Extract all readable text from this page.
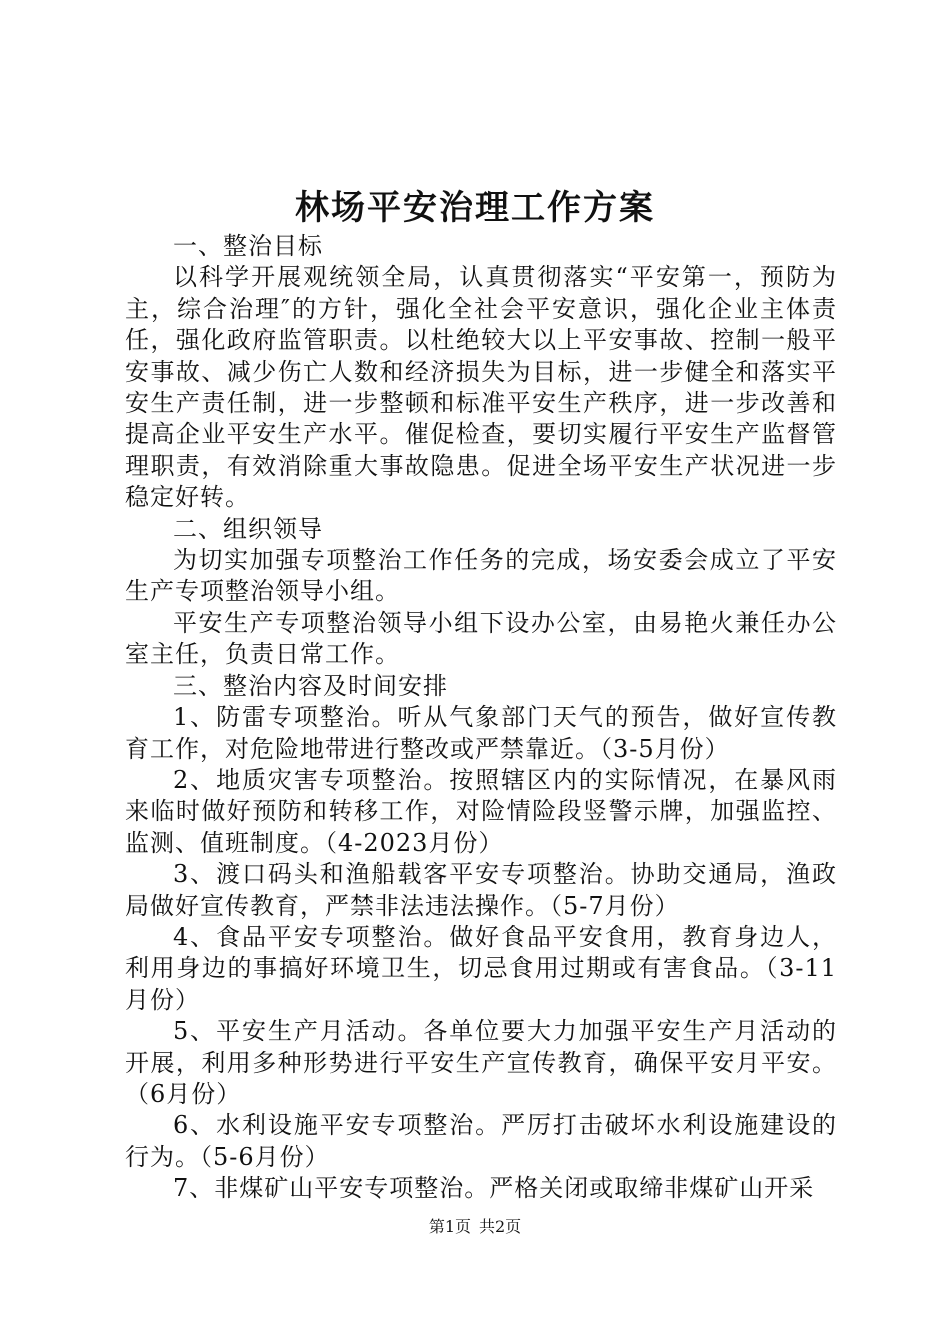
林场平安治理工作方案

一、整治目标

以科学开展观统领全局，认真贯彻落实“平安第一，预防为主，综合治理″的方针，强化全社会平安意识，强化企业主体责任，强化政府监管职责。以杜绝较大以上平安事故、控制一般平安事故、减少伤亡人数和经济损失为目标，进一步健全和落实平安生产责任制，进一步整顿和标准平安生产秩序，进一步改善和提高企业平安生产水平。催促检查，要切实履行平安生产监督管理职责，有效消除重大事故隐患。促进全场平安生产状况进一步稳定好转。

二、组织领导

为切实加强专项整治工作任务的完成，场安委会成立了平安生产专项整治领导小组。

平安生产专项整治领导小组下设办公室，由易艳火兼任办公室主任，负责日常工作。

三、整治内容及时间安排

1、防雷专项整治。听从气象部门天气的预告，做好宣传教育工作，对危险地带进行整改或严禁靠近。（3-5月份）

2、地质灾害专项整治。按照辖区内的实际情况，在暴风雨来临时做好预防和转移工作，对险情险段竖警示牌，加强监控、监测、值班制度。（4-2023月份）

3、渡口码头和渔船载客平安专项整治。协助交通局，渔政局做好宣传教育，严禁非法违法操作。（5-7月份）

4、食品平安专项整治。做好食品平安食用，教育身边人，利用身边的事搞好环境卫生，切忌食用过期或有害食品。（3-11月份）

5、平安生产月活动。各单位要大力加强平安生产月活动的开展，利用多种形势进行平安生产宣传教育，确保平安月平安。（6月份）

6、水利设施平安专项整治。严厉打击破坏水利设施建设的行为。（5-6月份）

7、非煤矿山平安专项整治。严格关闭或取缔非煤矿山开采

第1页 共2页
